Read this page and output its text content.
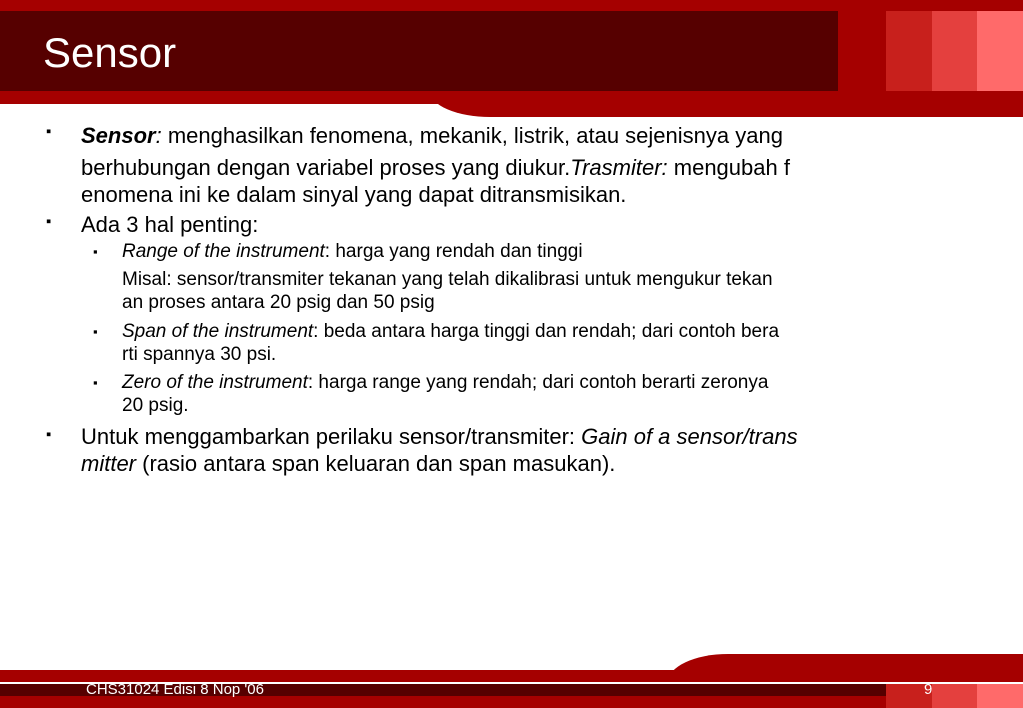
Sensor
▪ Sensor: menghasilkan fenomena, mekanik, listrik, atau sejenisnya yang
berhubungan dengan variabel proses yang diukur.Trasmiter: mengubah f
enomena ini ke dalam sinyal yang dapat ditransmisikan.
▪ Ada 3 hal penting:
▪ Range of the instrument: harga yang rendah dan tinggi
Misal: sensor/transmiter tekanan yang telah dikalibrasi untuk mengukur tekan
an proses antara 20 psig dan 50 psig
▪ Span of the instrument: beda antara harga tinggi dan rendah; dari contoh bera
rti spannya 30 psi.
▪ Zero of the instrument: harga range yang rendah; dari contoh berarti zeronya
20 psig.
▪ Untuk menggambarkan perilaku sensor/transmiter: Gain of a sensor/trans
mitter (rasio antara span keluaran dan span masukan).
CHS31024 Edisi 8 Nop '06	9
